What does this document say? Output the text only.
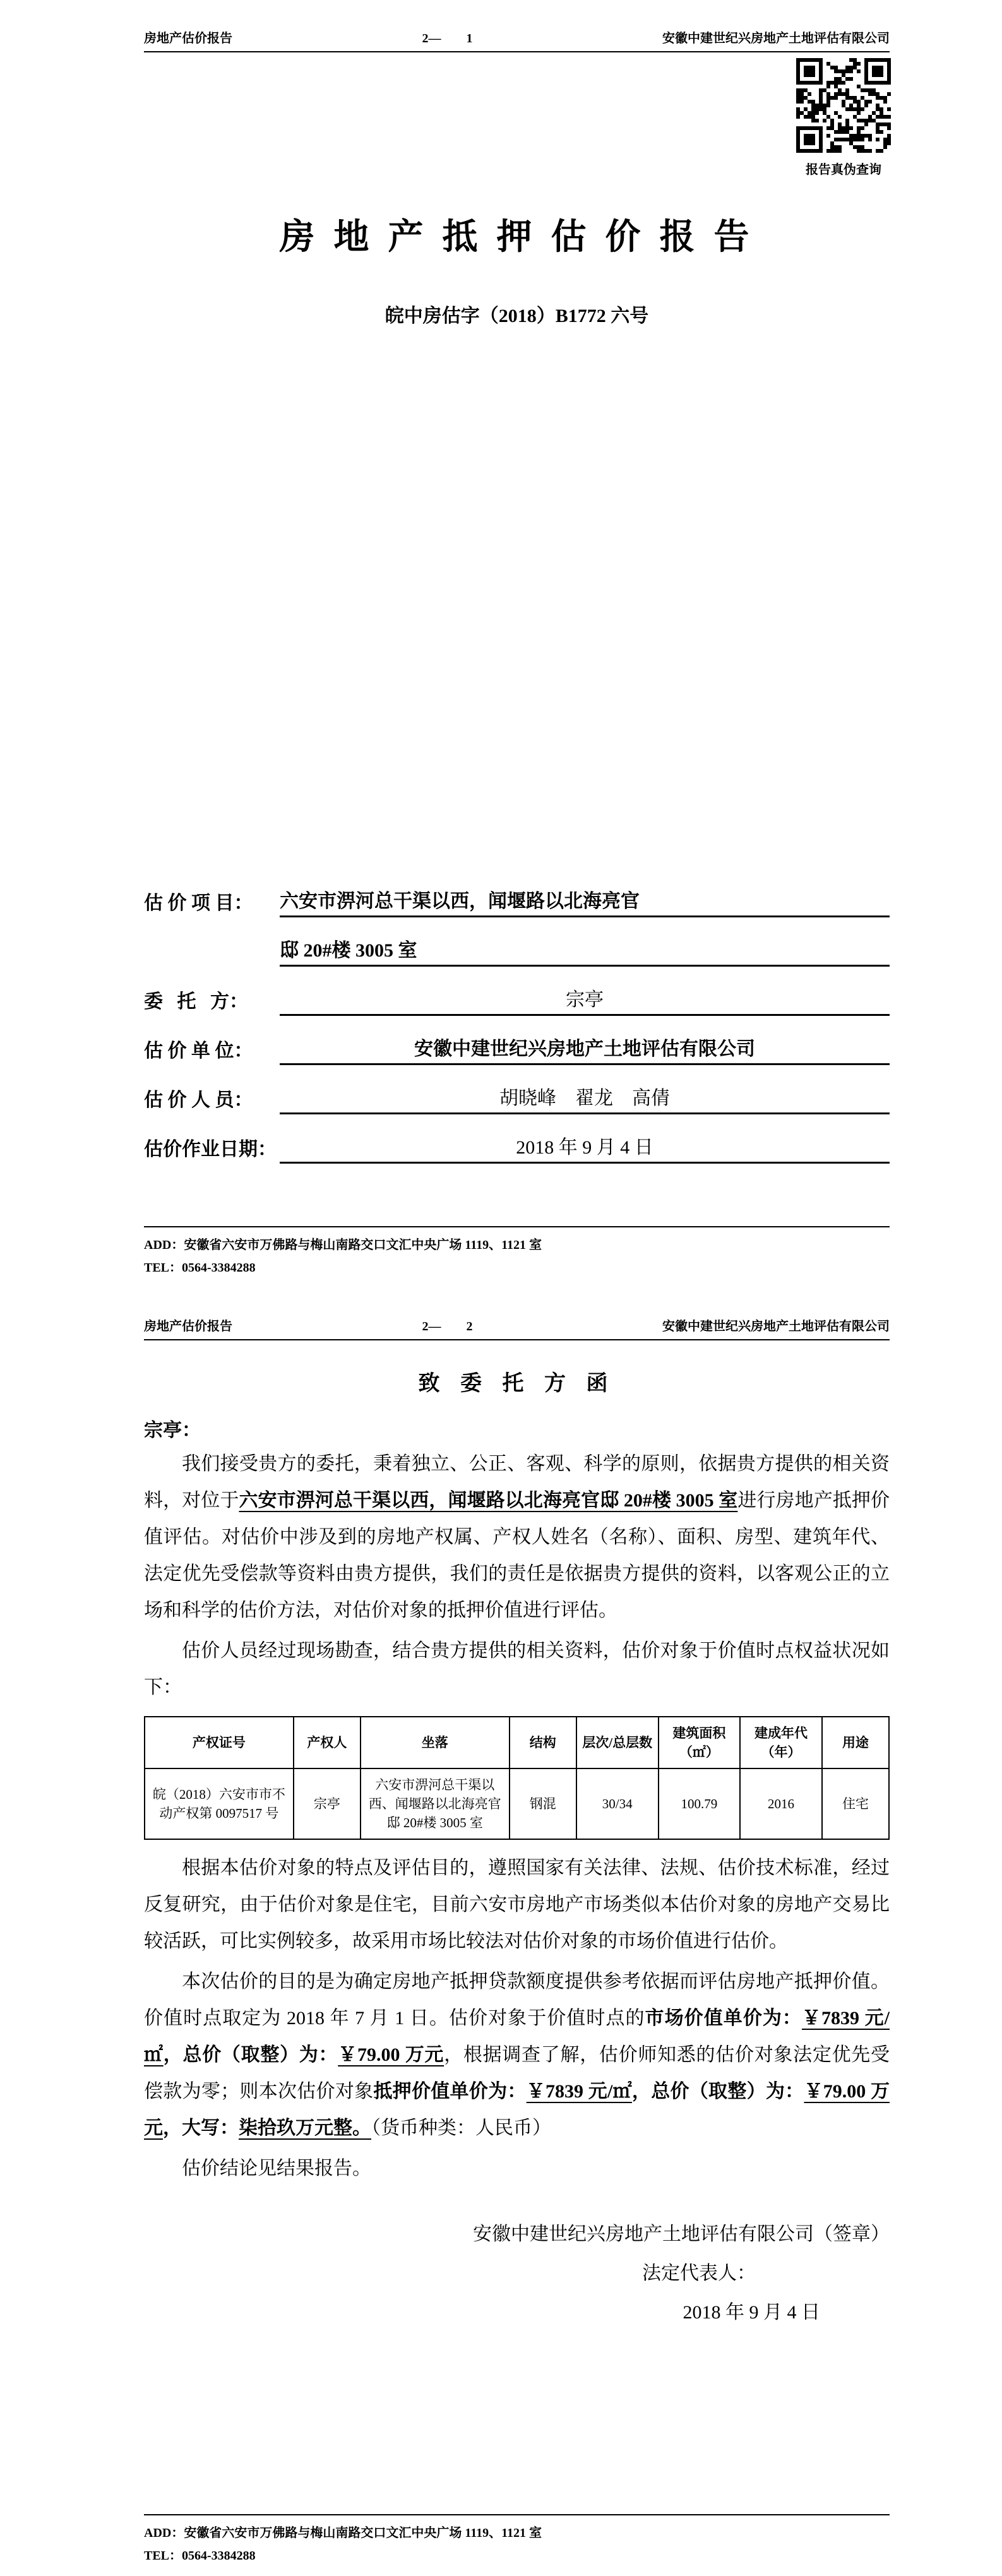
房地产估价报告	2—        1	安徽中建世纪兴房地产土地评估有限公司
报告真伪查询
房 地 产 抵 押 估 价 报 告
皖中房估字（2018）B1772 六号
估 价 项 目：	六安市淠河总干渠以西，闻堰路以北海亮官
邸 20#楼 3005 室
委   托   方：	宗亭
估 价 单 位：	安徽中建世纪兴房地产土地评估有限公司
估 价 人 员：	胡晓峰    翟龙    高倩
估价作业日期：	2018 年 9 月 4 日
ADD：安徽省六安市万佛路与梅山南路交口文汇中央广场 1119、1121 室
TEL：0564-3384288
房地产估价报告	2—        2	安徽中建世纪兴房地产土地评估有限公司
致 委 托 方 函
宗亭：

我们接受贵方的委托，秉着独立、公正、客观、科学的原则，依据贵方提供的相关资料，对位于六安市淠河总干渠以西，闻堰路以北海亮官邸 20#楼 3005 室进行房地产抵押价值评估。对估价中涉及到的房地产权属、产权人姓名（名称）、面积、房型、建筑年代、法定优先受偿款等资料由贵方提供，我们的责任是依据贵方提供的资料，以客观公正的立场和科学的估价方法，对估价对象的抵押价值进行评估。

估价人员经过现场勘查，结合贵方提供的相关资料，估价对象于价值时点权益状况如下：

产权证号	产权人	坐落	结构	层次/总层数	建筑面积（㎡）	建成年代（年）	用途
皖（2018）六安市市不动产权第 0097517 号	宗亭	六安市淠河总干渠以西、闻堰路以北海亮官邸 20#楼 3005 室	钢混	30/34	100.79	2016	住宅

根据本估价对象的特点及评估目的，遵照国家有关法律、法规、估价技术标准，经过反复研究，由于估价对象是住宅，目前六安市房地产市场类似本估价对象的房地产交易比较活跃，可比实例较多，故采用市场比较法对估价对象的市场价值进行估价。

本次估价的目的是为确定房地产抵押贷款额度提供参考依据而评估房地产抵押价值。价值时点取定为 2018 年 7 月 1 日。估价对象于价值时点的市场价值单价为：￥7839 元/㎡，总价（取整）为：￥79.00 万元，根据调查了解，估价师知悉的估价对象法定优先受偿款为零；则本次估价对象抵押价值单价为：￥7839 元/㎡，总价（取整）为：￥79.00 万元，大写：柒拾玖万元整。（货币种类：人民币）

估价结论见结果报告。

安徽中建世纪兴房地产土地评估有限公司（签章）
法定代表人：
2018 年 9 月 4 日
ADD：安徽省六安市万佛路与梅山南路交口文汇中央广场 1119、1121 室
TEL：0564-3384288
